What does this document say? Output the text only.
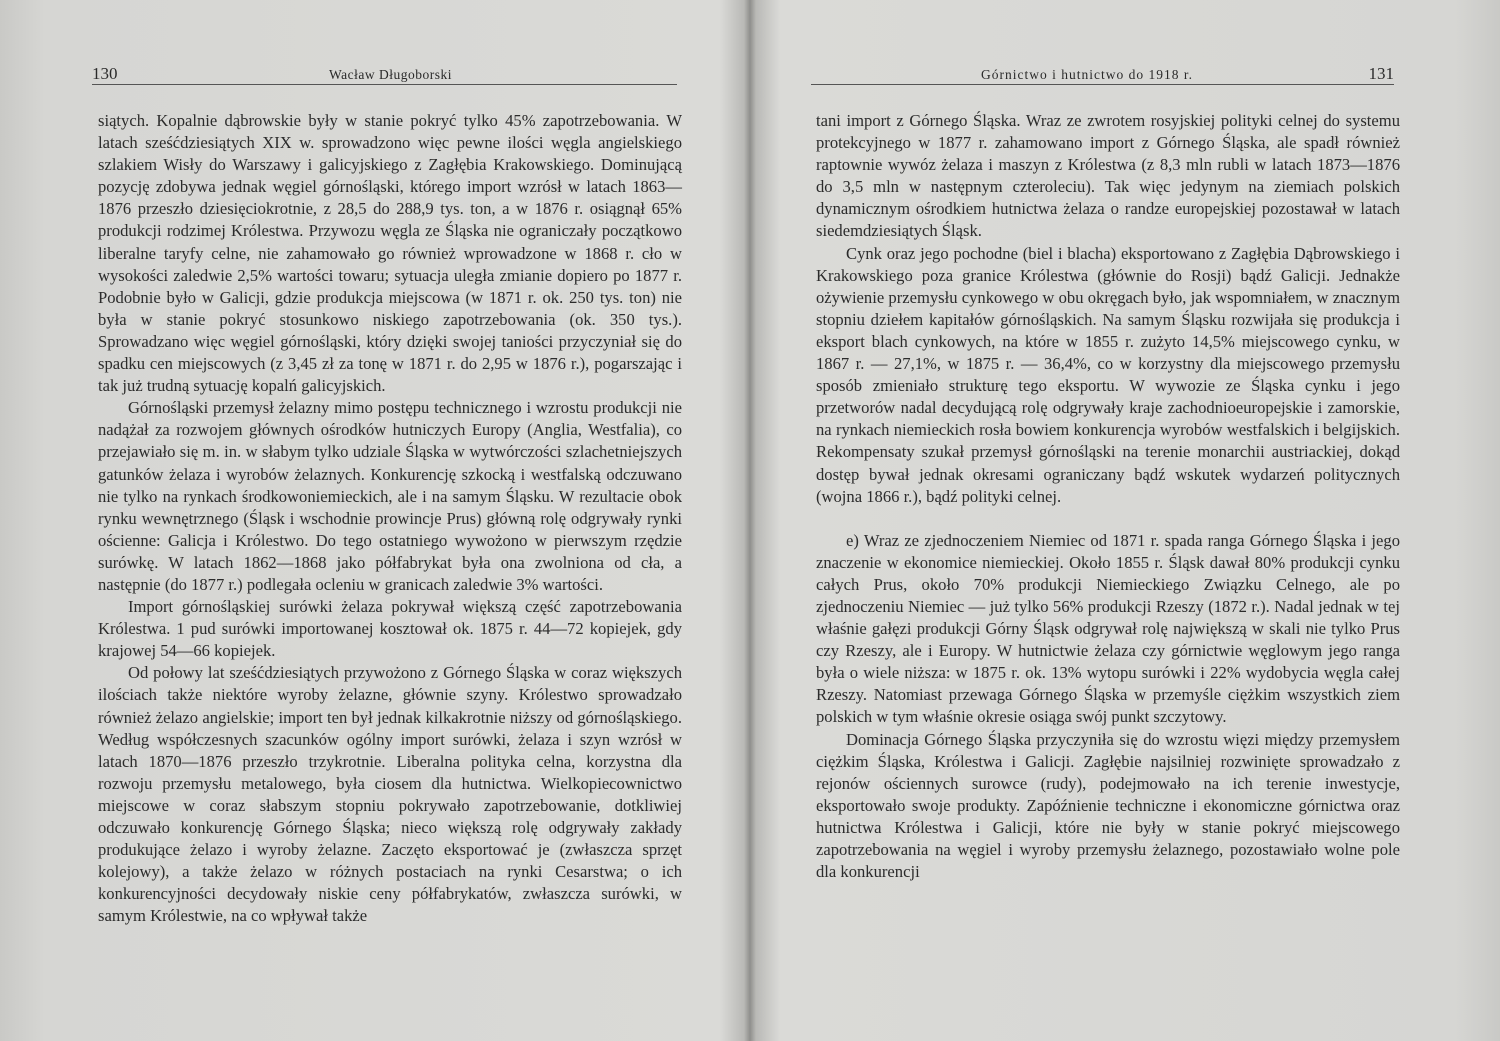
130	Wacław Długoborski

siątych. Kopalnie dąbrowskie były w stanie pokryć tylko 45% zapotrzebowania. W latach sześćdziesiątych XIX w. sprowadzono więc pewne ilości węgla angielskiego szlakiem Wisły do Warszawy i galicyjskiego z Zagłębia Krakowskiego. Dominującą pozycję zdobywa jednak węgiel górnośląski, którego import wzrósł w latach 1863—1876 przeszło dziesięciokrotnie, z 28,5 do 288,9 tys. ton, a w 1876 r. osiągnął 65% produkcji rodzimej Królestwa. Przywozu węgla ze Śląska nie ograniczały początkowo liberalne taryfy celne, nie zahamowało go również wprowadzone w 1868 r. cło w wysokości zaledwie 2,5% wartości towaru; sytuacja uległa zmianie dopiero po 1877 r. Podobnie było w Galicji, gdzie produkcja miejscowa (w 1871 r. ok. 250 tys. ton) nie była w stanie pokryć stosunkowo niskiego zapotrzebowania (ok. 350 tys.). Sprowadzano więc węgiel górnośląski, który dzięki swojej taniości przyczyniał się do spadku cen miejscowych (z 3,45 zł za tonę w 1871 r. do 2,95 w 1876 r.), pogarszając i tak już trudną sytuację kopalń galicyjskich.

Górnośląski przemysł żelazny mimo postępu technicznego i wzrostu produkcji nie nadążał za rozwojem głównych ośrodków hutniczych Europy (Anglia, Westfalia), co przejawiało się m. in. w słabym tylko udziale Śląska w wytwórczości szlachetniejszych gatunków żelaza i wyrobów żelaznych. Konkurencję szkocką i westfalską odczuwano nie tylko na rynkach środkowoniemieckich, ale i na samym Śląsku. W rezultacie obok rynku wewnętrznego (Śląsk i wschodnie prowincje Prus) główną rolę odgrywały rynki ościenne: Galicja i Królestwo. Do tego ostatniego wywożono w pierwszym rzędzie surówkę. W latach 1862—1868 jako półfabrykat była ona zwolniona od cła, a następnie (do 1877 r.) podlegała ocleniu w granicach zaledwie 3% wartości.

Import górnośląskiej surówki żelaza pokrywał większą część zapotrzebowania Królestwa. 1 pud surówki importowanej kosztował ok. 1875 r. 44—72 kopiejek, gdy krajowej 54—66 kopiejek.

Od połowy lat sześćdziesiątych przywożono z Górnego Śląska w coraz większych ilościach także niektóre wyroby żelazne, głównie szyny. Królestwo sprowadzało również żelazo angielskie; import ten był jednak kilkakrotnie niższy od górnośląskiego. Według współczesnych szacunków ogólny import surówki, żelaza i szyn wzrósł w latach 1870—1876 przeszło trzykrotnie. Liberalna polityka celna, korzystna dla rozwoju przemysłu metalowego, była ciosem dla hutnictwa. Wielkopiecownictwo miejscowe w coraz słabszym stopniu pokrywało zapotrzebowanie, dotkliwiej odczuwało konkurencję Górnego Śląska; nieco większą rolę odgrywały zakłady produkujące żelazo i wyroby żelazne. Zaczęto eksportować je (zwłaszcza sprzęt kolejowy), a także żelazo w różnych postaciach na rynki Cesarstwa; o ich konkurencyjności decydowały niskie ceny półfabrykatów, zwłaszcza surówki, w samym Królestwie, na co wpływał także

Górnictwo i hutnictwo do 1918 r.	131

tani import z Górnego Śląska. Wraz ze zwrotem rosyjskiej polityki celnej do systemu protekcyjnego w 1877 r. zahamowano import z Górnego Śląska, ale spadł również raptownie wywóz żelaza i maszyn z Królestwa (z 8,3 mln rubli w latach 1873—1876 do 3,5 mln w następnym czteroleciu). Tak więc jedynym na ziemiach polskich dynamicznym ośrodkiem hutnictwa żelaza o randze europejskiej pozostawał w latach siedemdziesiątych Śląsk.

Cynk oraz jego pochodne (biel i blacha) eksportowano z Zagłębia Dąbrowskiego i Krakowskiego poza granice Królestwa (głównie do Rosji) bądź Galicji. Jednakże ożywienie przemysłu cynkowego w obu okręgach było, jak wspomniałem, w znacznym stopniu dziełem kapitałów górnośląskich. Na samym Śląsku rozwijała się produkcja i eksport blach cynkowych, na które w 1855 r. zużyto 14,5% miejscowego cynku, w 1867 r. — 27,1%, w 1875 r. — 36,4%, co w korzystny dla miejscowego przemysłu sposób zmieniało strukturę tego eksportu. W wywozie ze Śląska cynku i jego przetworów nadal decydującą rolę odgrywały kraje zachodnioeuropejskie i zamorskie, na rynkach niemieckich rosła bowiem konkurencja wyrobów westfalskich i belgijskich. Rekompensaty szukał przemysł górnośląski na terenie monarchii austriackiej, dokąd dostęp bywał jednak okresami ograniczany bądź wskutek wydarzeń politycznych (wojna 1866 r.), bądź polityki celnej.

e) Wraz ze zjednoczeniem Niemiec od 1871 r. spada ranga Górnego Śląska i jego znaczenie w ekonomice niemieckiej. Około 1855 r. Śląsk dawał 80% produkcji cynku całych Prus, około 70% produkcji Niemieckiego Związku Celnego, ale po zjednoczeniu Niemiec — już tylko 56% produkcji Rzeszy (1872 r.). Nadal jednak w tej właśnie gałęzi produkcji Górny Śląsk odgrywał rolę największą w skali nie tylko Prus czy Rzeszy, ale i Europy. W hutnictwie żelaza czy górnictwie węglowym jego ranga była o wiele niższa: w 1875 r. ok. 13% wytopu surówki i 22% wydobycia węgla całej Rzeszy. Natomiast przewaga Górnego Śląska w przemyśle ciężkim wszystkich ziem polskich w tym właśnie okresie osiąga swój punkt szczytowy.

Dominacja Górnego Śląska przyczyniła się do wzrostu więzi między przemysłem ciężkim Śląska, Królestwa i Galicji. Zagłębie najsilniej rozwinięte sprowadzało z rejonów ościennych surowce (rudy), podejmowało na ich terenie inwestycje, eksportowało swoje produkty. Zapóźnienie techniczne i ekonomiczne górnictwa oraz hutnictwa Królestwa i Galicji, które nie były w stanie pokryć miejscowego zapotrzebowania na węgiel i wyroby przemysłu żelaznego, pozostawiało wolne pole dla konkurencji
